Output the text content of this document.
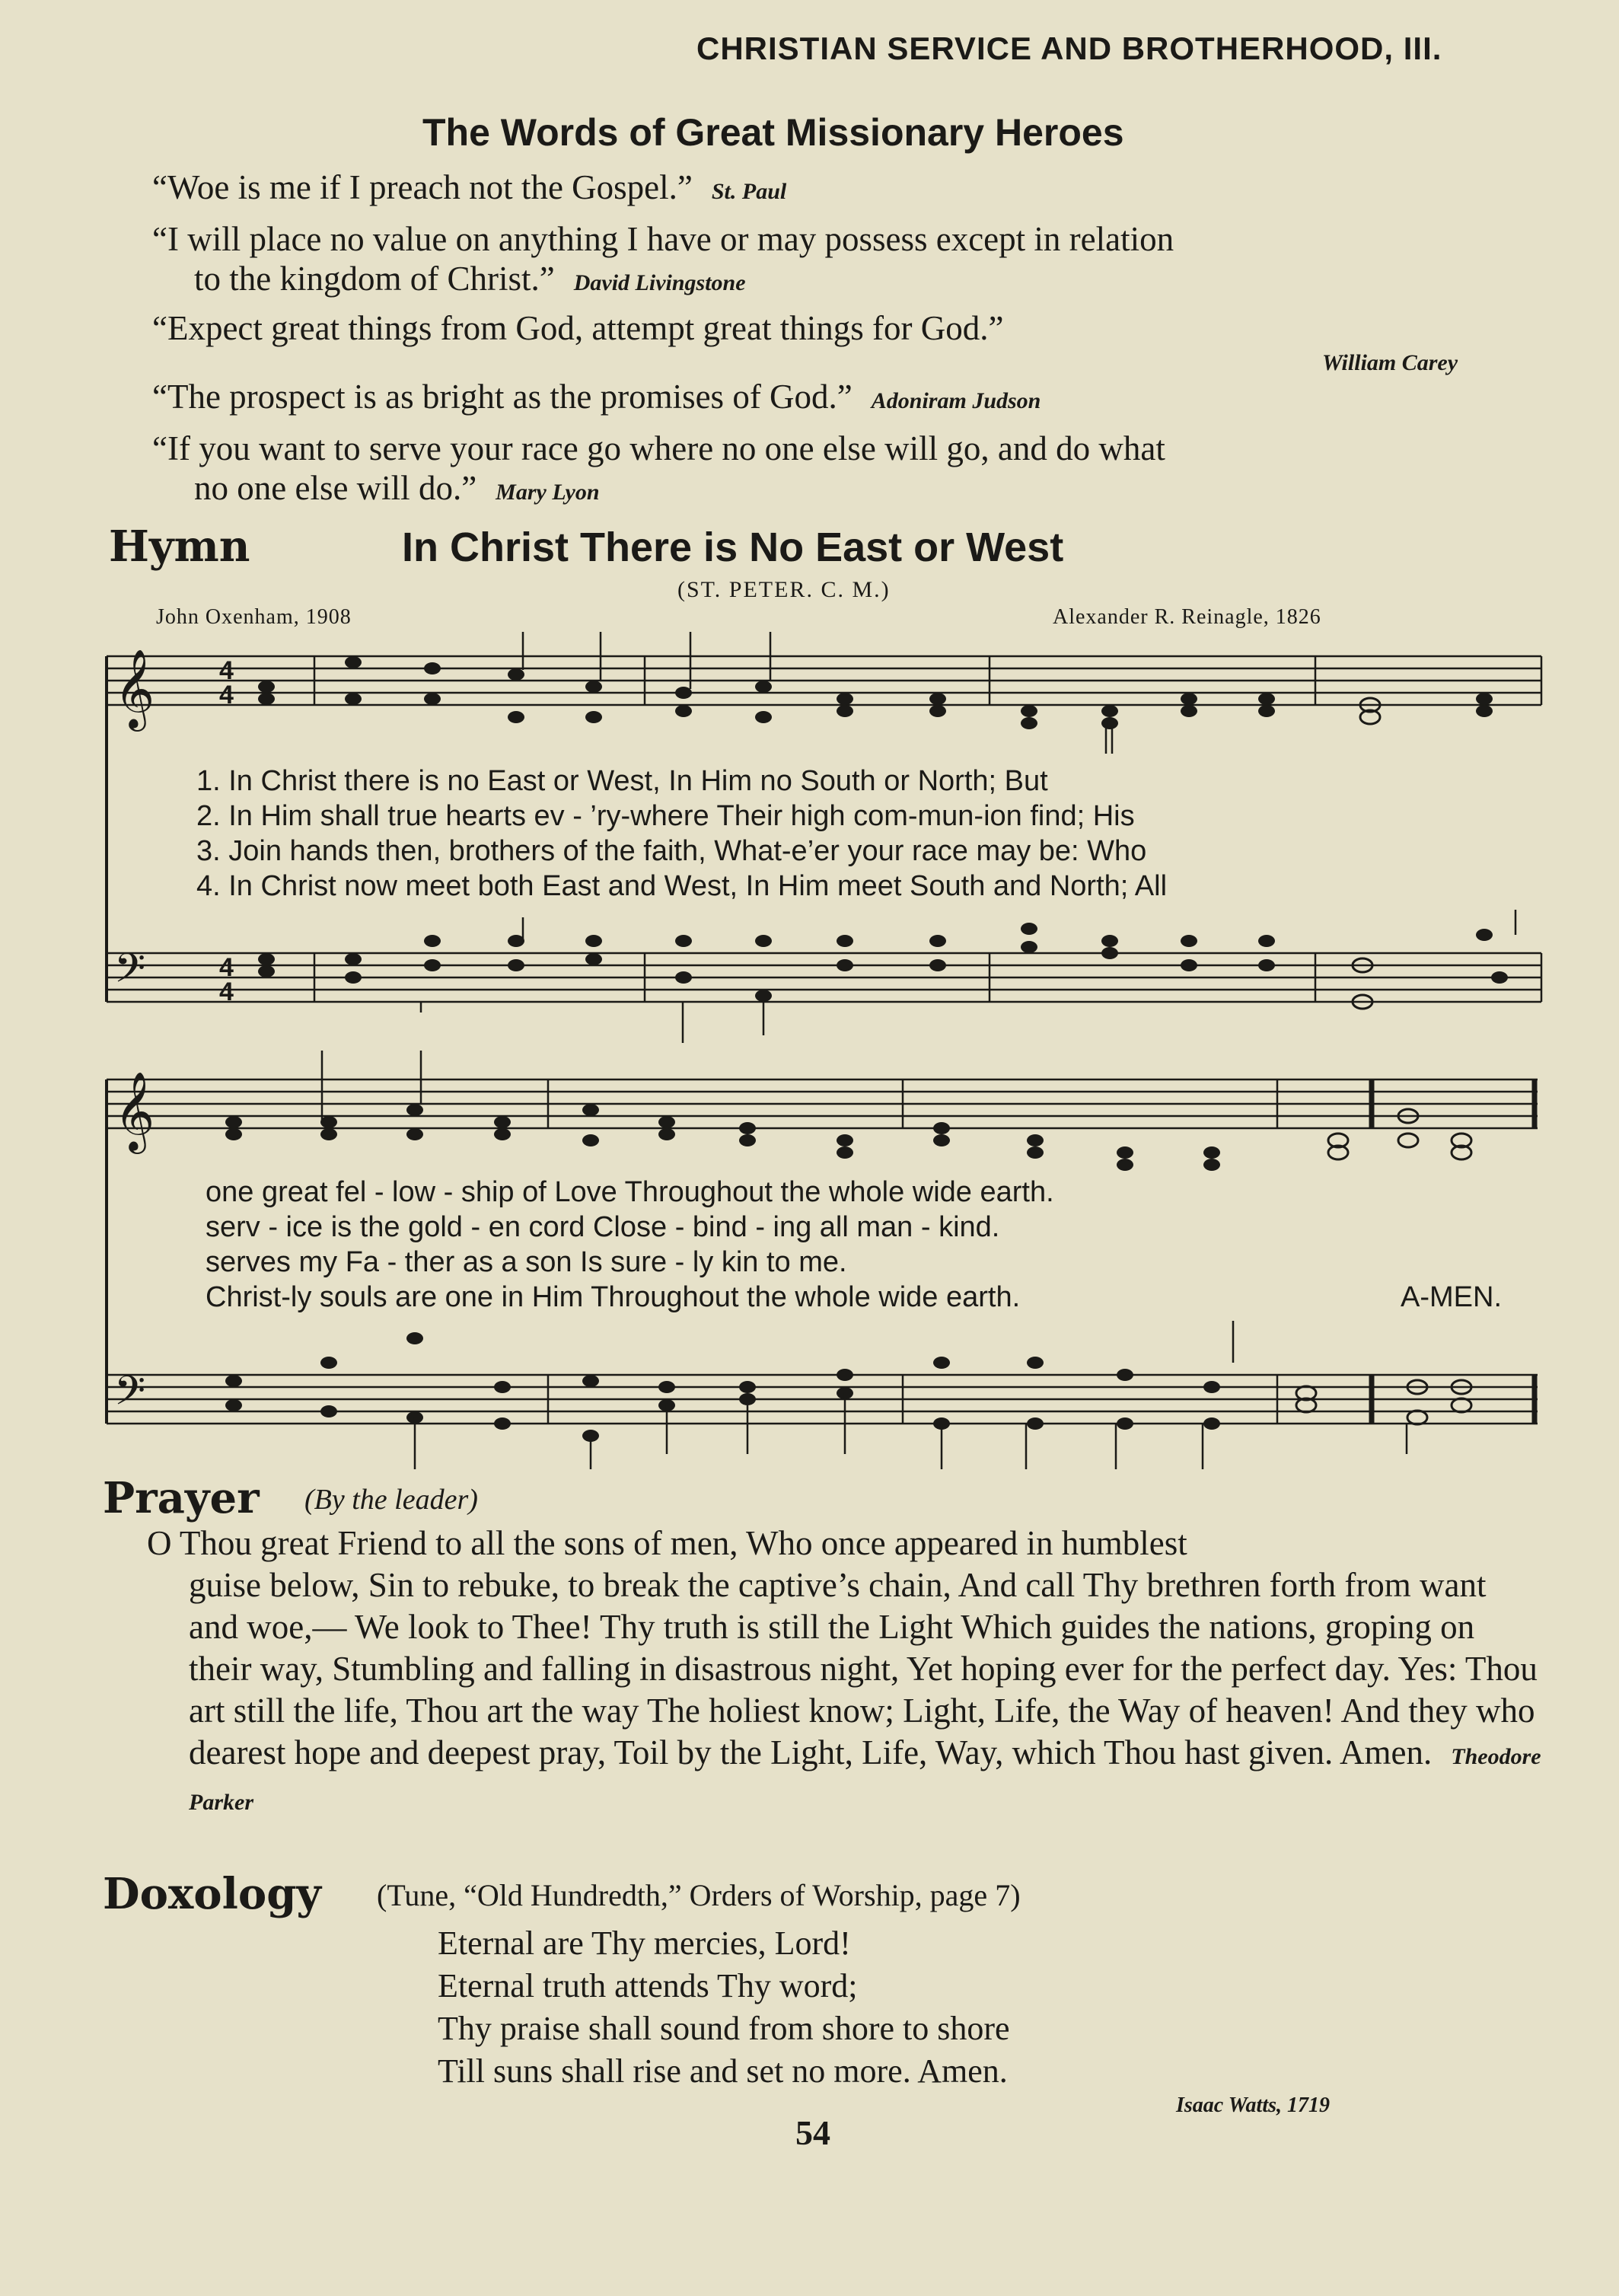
CHRISTIAN SERVICE AND BROTHERHOOD, III.
The Words of Great Missionary Heroes
“Woe is me if I preach not the Gospel.” St. Paul
“I will place no value on anything I have or may possess except in relation
to the kingdom of Christ.” David Livingstone
“Expect great things from God, attempt great things for God.”
William Carey
“The prospect is as bright as the promises of God.” Adoniram Judson
“If you want to serve your race go where no one else will go, and do what
no one else will do.” Mary Lyon
Hymn	In Christ There is No East or West
(ST. PETER. C. M.)
John Oxenham, 1908	Alexander R. Reinagle, 1826
𝄞
𝄞
𝄢
𝄢
4
4
4
4
1. In Christ there is no East or West, In Him no South or North; But
2. In Him shall true hearts ev - ’ry-where Their high com-mun-ion find; His
3. Join hands then, brothers of the faith, What-e’er your race may be: Who
4. In Christ now meet both East and West, In Him meet South and North; All
one great fel - low - ship of Love Throughout the whole wide earth.
serv - ice is the gold - en cord Close - bind - ing all man - kind.
serves my Fa - ther as a son Is sure - ly kin to me.
Christ-ly souls are one in Him Throughout the whole wide earth.	A-MEN.
Prayer (By the leader)
O Thou great Friend to all the sons of men, Who once appeared in humblest
guise below, Sin to rebuke, to break the captive’s chain, And call Thy brethren forth from want and woe,— We look to Thee! Thy truth is still the Light Which guides the nations, groping on their way, Stumbling and falling in disastrous night, Yet hoping ever for the perfect day. Yes: Thou art still the life, Thou art the way The holiest know; Light, Life, the Way of heaven! And they who dearest hope and deepest pray, Toil by the Light, Life, Way, which Thou hast given. Amen. Theodore Parker
Doxology (Tune, “Old Hundredth,” Orders of Worship, page 7)
Eternal are Thy mercies, Lord!
Eternal truth attends Thy word;
Thy praise shall sound from shore to shore
Till suns shall rise and set no more. Amen.
Isaac Watts, 1719
54
